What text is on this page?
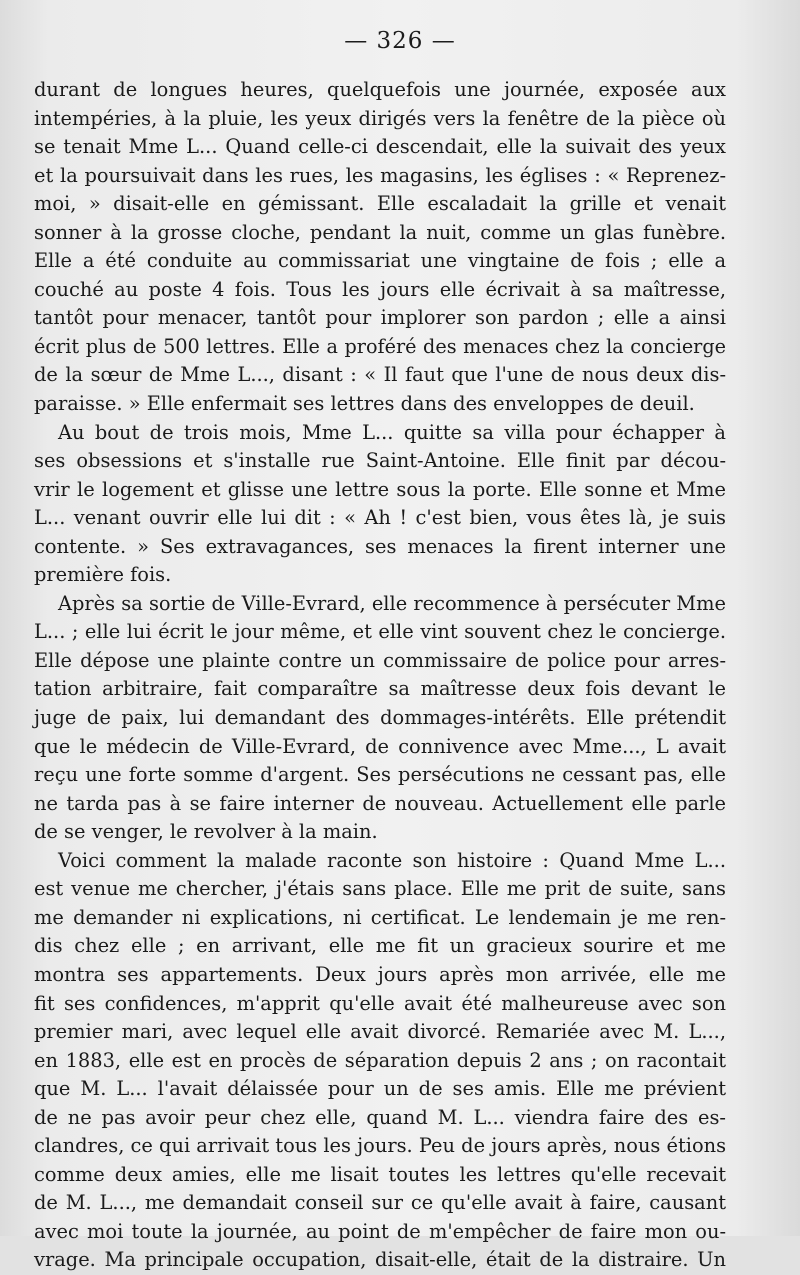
— 326 —
durant de longues heures, quelquefois une journée, exposée aux
intempéries, à la pluie, les yeux dirigés vers la fenêtre de la pièce où
se tenait Mme L... Quand celle-ci descendait, elle la suivait des yeux
et la poursuivait dans les rues, les magasins, les églises : « Reprenez-
moi, » disait-elle en gémissant. Elle escaladait la grille et venait
sonner à la grosse cloche, pendant la nuit, comme un glas funèbre.
Elle a été conduite au commissariat une vingtaine de fois ; elle a
couché au poste 4 fois. Tous les jours elle écrivait à sa maîtresse,
tantôt pour menacer, tantôt pour implorer son pardon ; elle a ainsi
écrit plus de 500 lettres. Elle a proféré des menaces chez la concierge
de la sœur de Mme L..., disant : « Il faut que l'une de nous deux dis-
paraisse. » Elle enfermait ses lettres dans des enveloppes de deuil.
Au bout de trois mois, Mme L... quitte sa villa pour échapper à
ses obsessions et s'installe rue Saint-Antoine. Elle finit par décou-
vrir le logement et glisse une lettre sous la porte. Elle sonne et Mme
L... venant ouvrir elle lui dit : « Ah ! c'est bien, vous êtes là, je suis
contente. » Ses extravagances, ses menaces la firent interner une
première fois.
Après sa sortie de Ville-Evrard, elle recommence à persécuter Mme
L... ; elle lui écrit le jour même, et elle vint souvent chez le concierge.
Elle dépose une plainte contre un commissaire de police pour arres-
tation arbitraire, fait comparaître sa maîtresse deux fois devant le
juge de paix, lui demandant des dommages-intérêts. Elle prétendit
que le médecin de Ville-Evrard, de connivence avec Mme..., L avait
reçu une forte somme d'argent. Ses persécutions ne cessant pas, elle
ne tarda pas à se faire interner de nouveau. Actuellement elle parle
de se venger, le revolver à la main.
Voici comment la malade raconte son histoire : Quand Mme L...
est venue me chercher, j'étais sans place. Elle me prit de suite, sans
me demander ni explications, ni certificat. Le lendemain je me ren-
dis chez elle ; en arrivant, elle me fit un gracieux sourire et me
montra ses appartements. Deux jours après mon arrivée, elle me
fit ses confidences, m'apprit qu'elle avait été malheureuse avec son
premier mari, avec lequel elle avait divorcé. Remariée avec M. L...,
en 1883, elle est en procès de séparation depuis 2 ans ; on racontait
que M. L... l'avait délaissée pour un de ses amis. Elle me prévient
de ne pas avoir peur chez elle, quand M. L... viendra faire des es-
clandres, ce qui arrivait tous les jours. Peu de jours après, nous étions
comme deux amies, elle me lisait toutes les lettres qu'elle recevait
de M. L..., me demandait conseil sur ce qu'elle avait à faire, causant
avec moi toute la journée, au point de m'empêcher de faire mon ou-
vrage. Ma principale occupation, disait-elle, était de la distraire. Un
